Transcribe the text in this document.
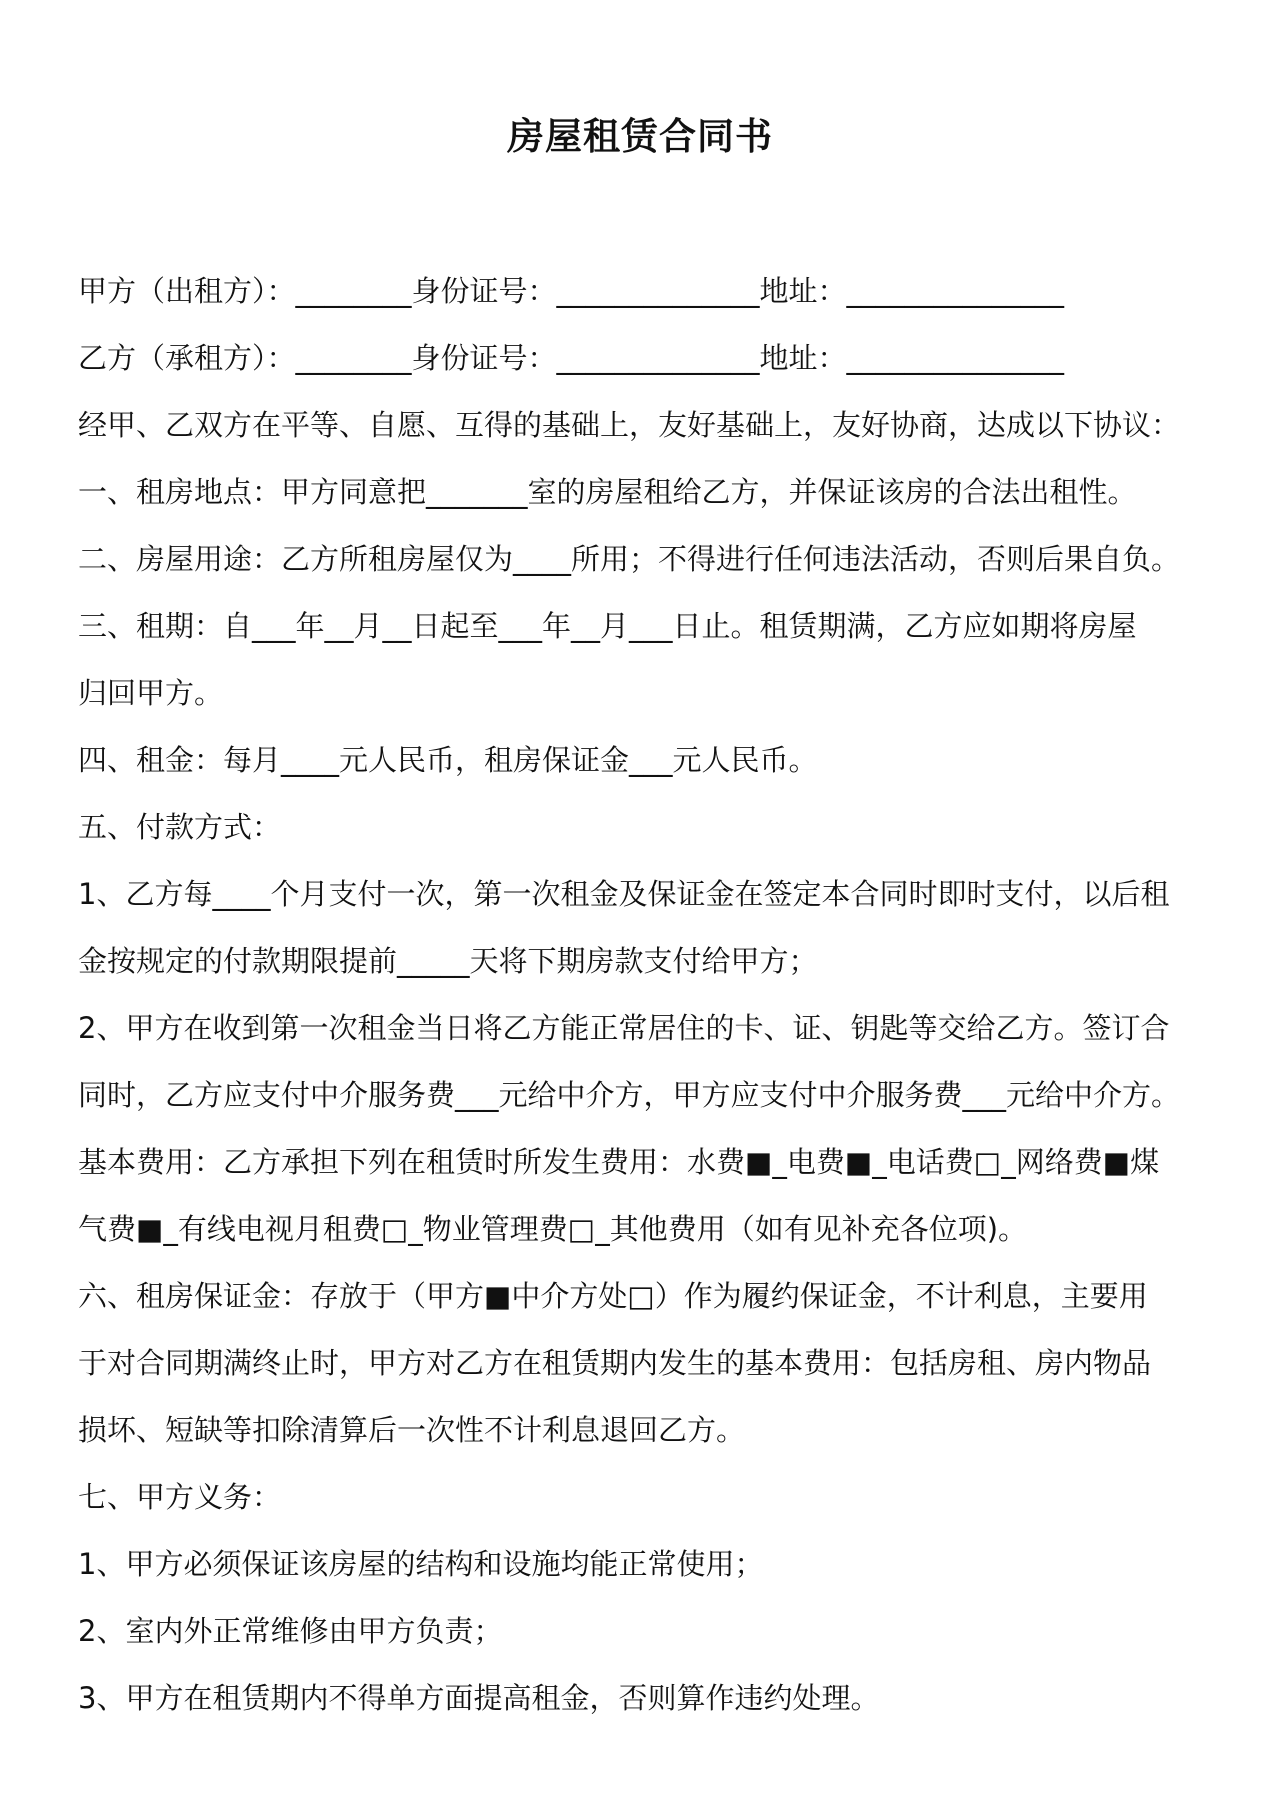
房屋租赁合同书

甲方（出租方）：________身份证号：______________地址：_______________

乙方（承租方）：________身份证号：______________地址：_______________

经甲、乙双方在平等、自愿、互得的基础上，友好基础上，友好协商，达成以下协议：

一、租房地点：甲方同意把_______室的房屋租给乙方，并保证该房的合法出租性。

二、房屋用途：乙方所租房屋仅为____所用；不得进行任何违法活动，否则后果自负。

三、租期：自___年__月__日起至___年__月___日止。租赁期满，乙方应如期将房屋

归回甲方。

四、租金：每月____元人民币，租房保证金___元人民币。

五、付款方式：

1、乙方每____个月支付一次，第一次租金及保证金在签定本合同时即时支付，以后租

金按规定的付款期限提前_____天将下期房款支付给甲方；

2、甲方在收到第一次租金当日将乙方能正常居住的卡、证、钥匙等交给乙方。签订合

同时，乙方应支付中介服务费___元给中介方，甲方应支付中介服务费___元给中介方。

基本费用：乙方承担下列在租赁时所发生费用：水费■_电费■_电话费□_网络费■煤

气费■_有线电视月租费□_物业管理费□_其他费用（如有见补充各位项)。

六、租房保证金：存放于（甲方■中介方处□）作为履约保证金，不计利息，主要用

于对合同期满终止时，甲方对乙方在租赁期内发生的基本费用：包括房租、房内物品

损坏、短缺等扣除清算后一次性不计利息退回乙方。

七、甲方义务：

1、甲方必须保证该房屋的结构和设施均能正常使用；

2、室内外正常维修由甲方负责；

3、甲方在租赁期内不得单方面提高租金，否则算作违约处理。
